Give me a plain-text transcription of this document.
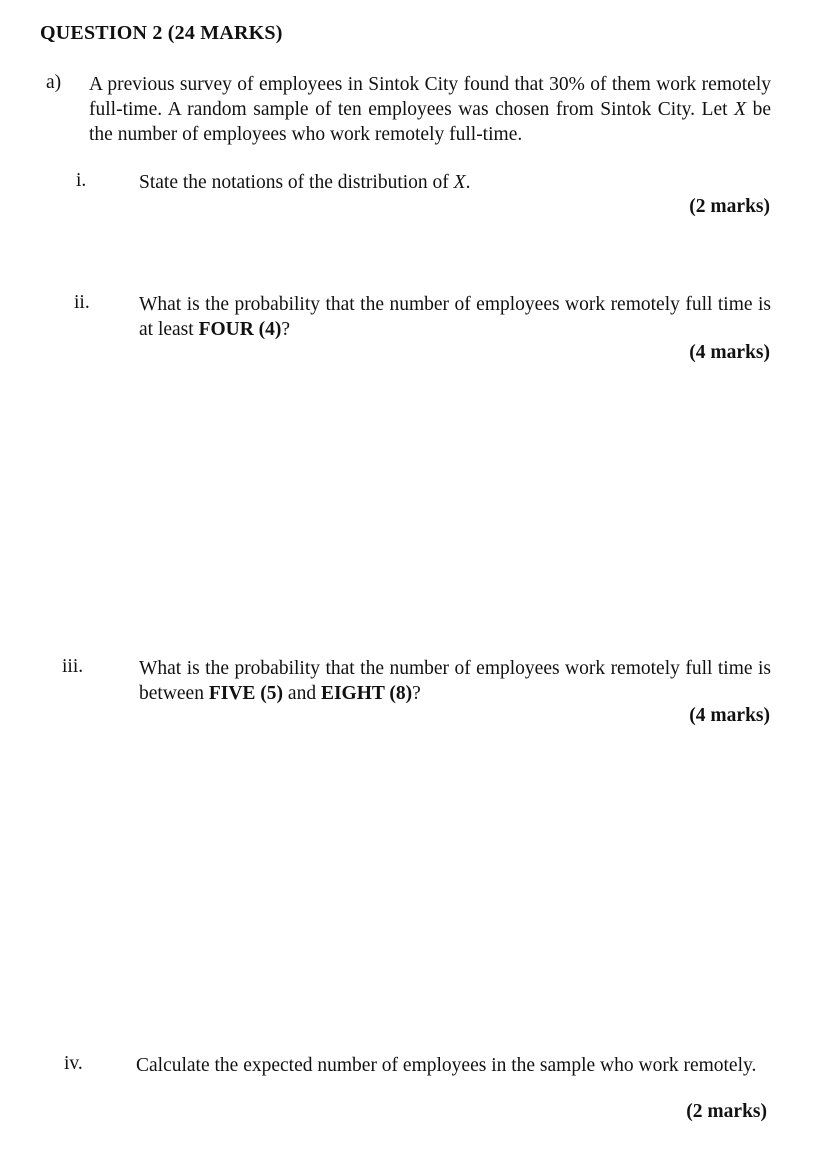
QUESTION 2 (24 MARKS)
a) A previous survey of employees in Sintok City found that 30% of them work remotely full-time. A random sample of ten employees was chosen from Sintok City. Let X be the number of employees who work remotely full-time.
i.	State the notations of the distribution of X.
(2 marks)
ii.	What is the probability that the number of employees work remotely full time is at least FOUR (4)?
(4 marks)
iii.	What is the probability that the number of employees work remotely full time is between FIVE (5) and EIGHT (8)?
(4 marks)
iv.	Calculate the expected number of employees in the sample who work remotely.
(2 marks)
